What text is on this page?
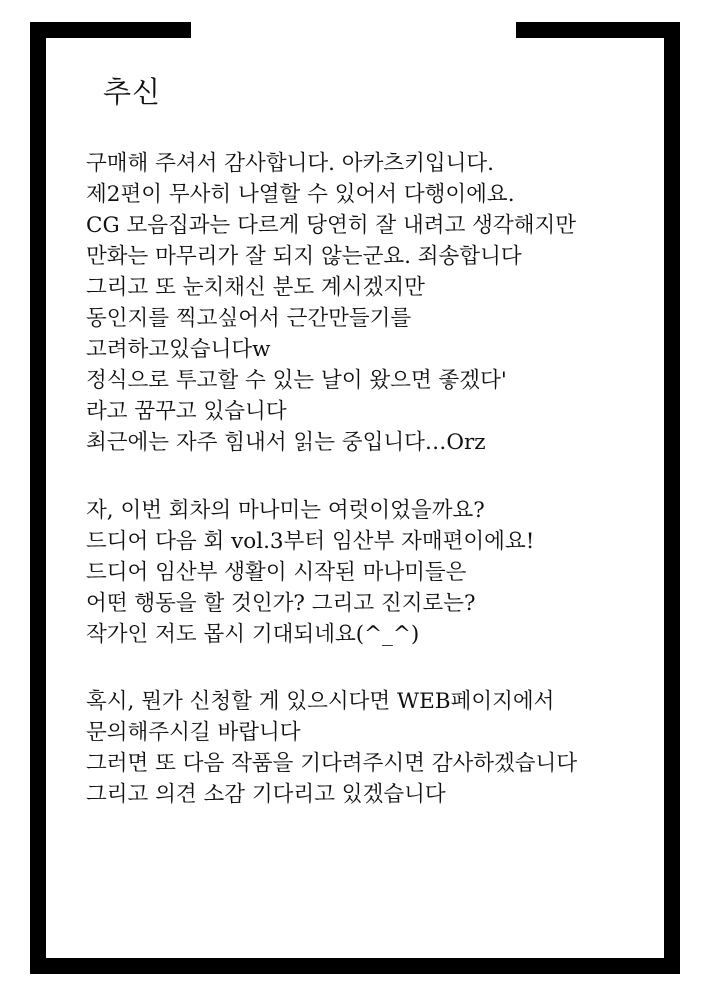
추신
구매해 주셔서 감사합니다. 아카츠키입니다.
제2편이 무사히 나열할 수 있어서 다행이에요.
CG 모음집과는 다르게 당연히 잘 내려고 생각해지만
만화는 마무리가 잘 되지 않는군요. 죄송합니다
그리고 또 눈치채신 분도 계시겠지만
동인지를 찍고싶어서 근간만들기를
고려하고있습니다w
정식으로 투고할 수 있는 날이 왔으면 좋겠다'
라고 꿈꾸고 있습니다
최근에는 자주 힘내서 읽는 중입니다…Orz
자, 이번 회차의 마나미는 여럿이었을까요?
드디어 다음 회 vol.3부터 임산부 자매편이에요!
드디어 임산부 생활이 시작된 마나미들은
어떤 행동을 할 것인가? 그리고 진지로는?
작가인 저도 몹시 기대되네요(^_^)
혹시, 뭔가 신청할 게 있으시다면 WEB페이지에서
문의해주시길 바랍니다
그러면 또 다음 작품을 기다려주시면 감사하겠습니다
그리고 의견 소감 기다리고 있겠습니다
